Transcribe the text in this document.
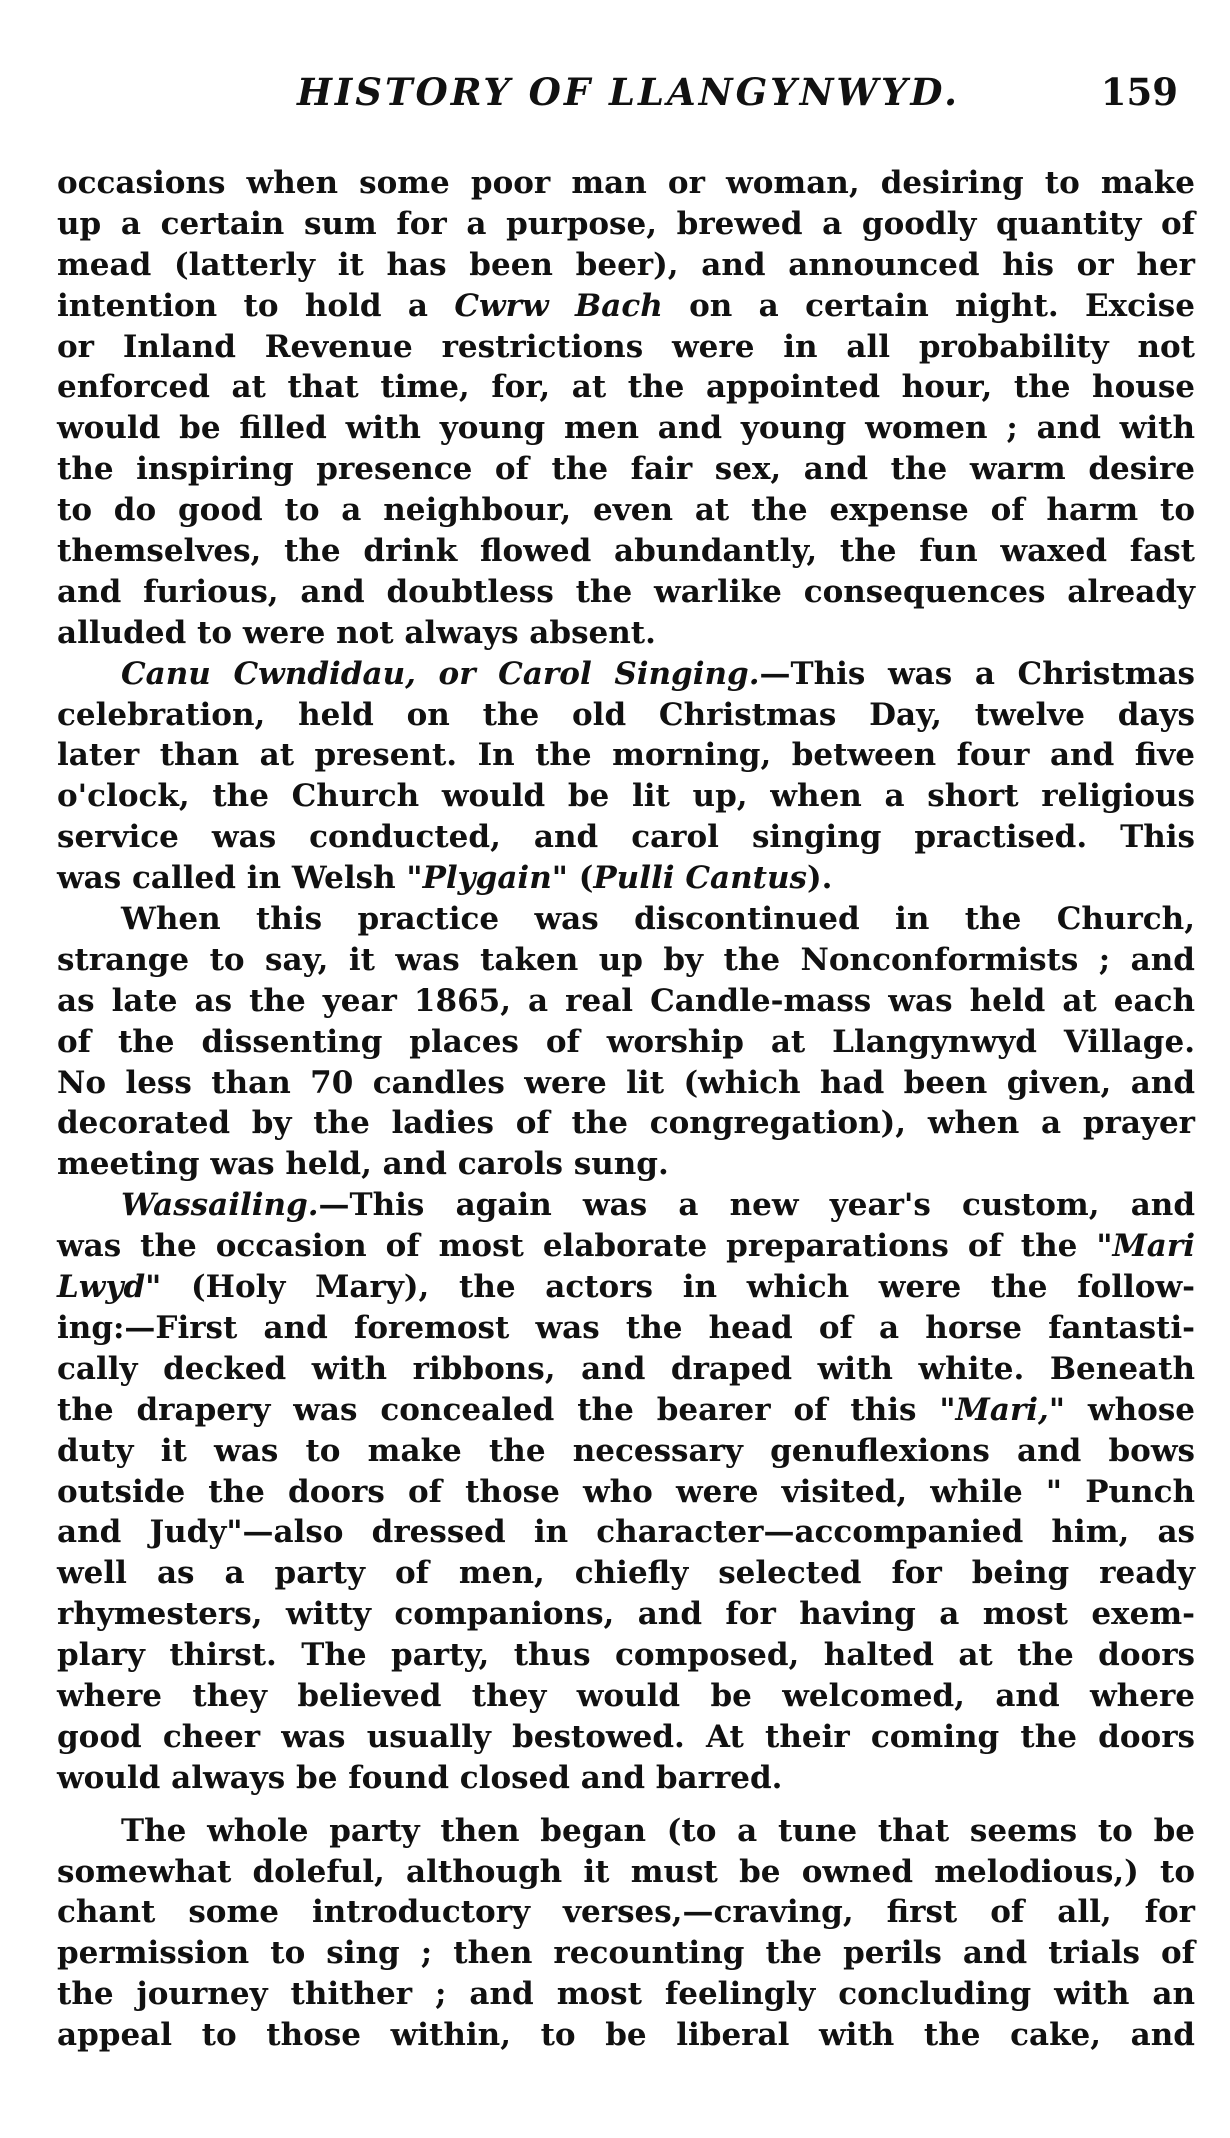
HISTORY OF LLANGYNWYD.	159
occasions when some poor man or woman, desiring to make
up a certain sum for a purpose, brewed a goodly quantity of
mead (latterly it has been beer), and announced his or her
intention to hold a Cwrw Bach on a certain night. Excise
or Inland Revenue restrictions were in all probability not
enforced at that time, for, at the appointed hour, the house
would be filled with young men and young women ; and with
the inspiring presence of the fair sex, and the warm desire
to do good to a neighbour, even at the expense of harm to
themselves, the drink flowed abundantly, the fun waxed fast
and furious, and doubtless the warlike consequences already
alluded to were not always absent.
Canu Cwndidau, or Carol Singing.—This was a Christmas
celebration, held on the old Christmas Day, twelve days
later than at present. In the morning, between four and five
o'clock, the Church would be lit up, when a short religious
service was conducted, and carol singing practised. This
was called in Welsh "Plygain" (Pulli Cantus).
When this practice was discontinued in the Church,
strange to say, it was taken up by the Nonconformists ; and
as late as the year 1865, a real Candle-mass was held at each
of the dissenting places of worship at Llangynwyd Village.
No less than 70 candles were lit (which had been given, and
decorated by the ladies of the congregation), when a prayer
meeting was held, and carols sung.
Wassailing.—This again was a new year's custom, and
was the occasion of most elaborate preparations of the "Mari
Lwyd" (Holy Mary), the actors in which were the follow-
ing:—First and foremost was the head of a horse fantasti-
cally decked with ribbons, and draped with white. Beneath
the drapery was concealed the bearer of this "Mari," whose
duty it was to make the necessary genuflexions and bows
outside the doors of those who were visited, while " Punch
and Judy"—also dressed in character—accompanied him, as
well as a party of men, chiefly selected for being ready
rhymesters, witty companions, and for having a most exem-
plary thirst. The party, thus composed, halted at the doors
where they believed they would be welcomed, and where
good cheer was usually bestowed. At their coming the doors
would always be found closed and barred.
The whole party then began (to a tune that seems to be
somewhat doleful, although it must be owned melodious,) to
chant some introductory verses,—craving, first of all, for
permission to sing ; then recounting the perils and trials of
the journey thither ; and most feelingly concluding with an
appeal to those within, to be liberal with the cake, and
